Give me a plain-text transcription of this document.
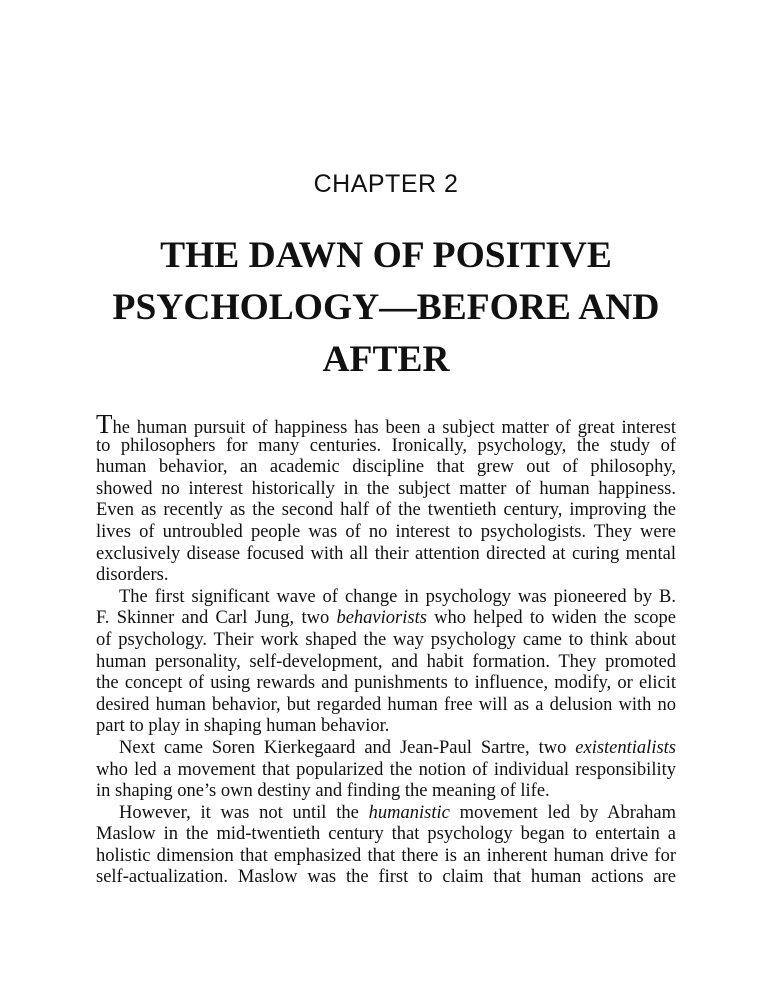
CHAPTER 2
THE DAWN OF POSITIVE
PSYCHOLOGY—BEFORE AND
AFTER
The human pursuit of happiness has been a subject matter of great interest
to philosophers for many centuries. Ironically, psychology, the study of
human behavior, an academic discipline that grew out of philosophy,
showed no interest historically in the subject matter of human happiness.
Even as recently as the second half of the twentieth century, improving the
lives of untroubled people was of no interest to psychologists. They were
exclusively disease focused with all their attention directed at curing mental
disorders.
The first significant wave of change in psychology was pioneered by B.
F. Skinner and Carl Jung, two behaviorists who helped to widen the scope
of psychology. Their work shaped the way psychology came to think about
human personality, self-development, and habit formation. They promoted
the concept of using rewards and punishments to influence, modify, or elicit
desired human behavior, but regarded human free will as a delusion with no
part to play in shaping human behavior.
Next came Soren Kierkegaard and Jean-Paul Sartre, two existentialists
who led a movement that popularized the notion of individual responsibility
in shaping one’s own destiny and finding the meaning of life.
However, it was not until the humanistic movement led by Abraham
Maslow in the mid-twentieth century that psychology began to entertain a
holistic dimension that emphasized that there is an inherent human drive for
self-actualization. Maslow was the first to claim that human actions are
